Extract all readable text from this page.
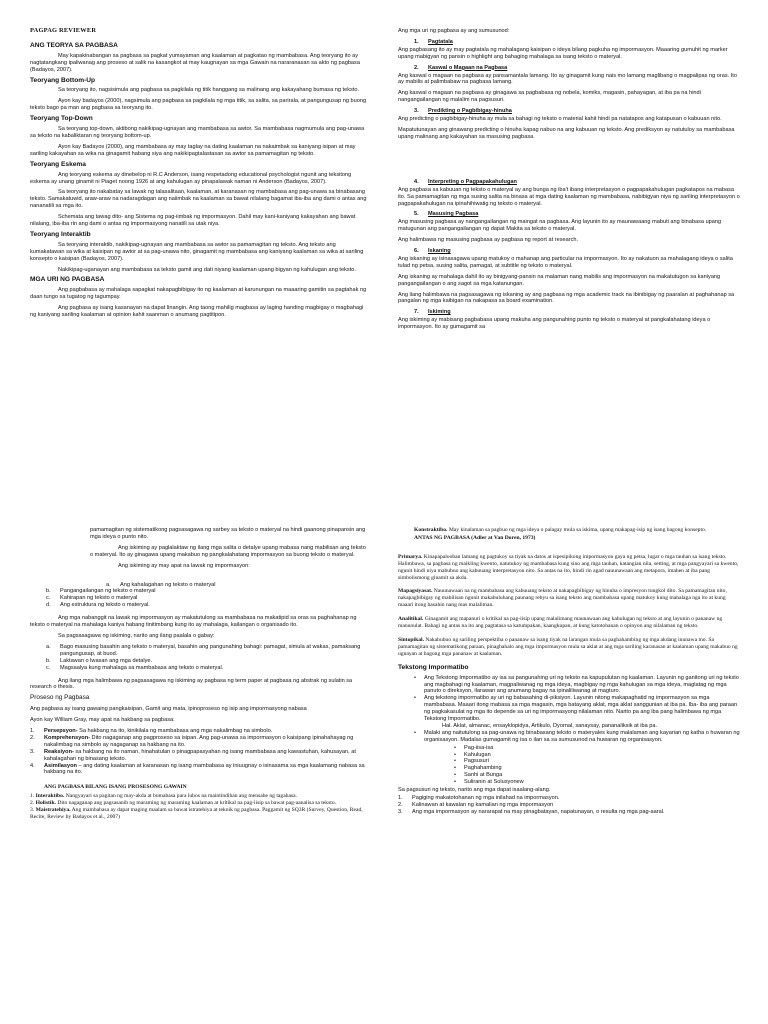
PAGPAG REVIEWER
ANG TEORYA SA PAGBASA

May kapakinabangan sa pagbasa sa pagkat yumayaman ang kaalaman at pagkatao ng mambabasa. Ang teoryang ito ay nagtatangkang ipaliwanag ang proseso at salik na kasangkot at may kaugnayan sa mga Gawain na nararanasan sa akto ng pagbasa (Badayos, 2007).

Teoryang Bottom-Up

Sa teoryang ito, nagsisimula ang pagbasa sa pagkilala ng titik hanggang sa malinang ang kakayahang bumasa ng teksto.

Ayon kay badayos (2000), nagsimula ang pagbasa sa pagkilala ng mga titik, sa salita, sa parirala, at pangungusap ng buong teksto bago pa man ang pagbasa sa teoryang ito.

Teoryang Top-Down

Sa teoryang top-down, aktibong nakikipag-ugnayan ang mambabasa sa awtor. Sa mambabasa nagmumula ang pag-unawa sa teksto na kabaliktaran ng teoryang bottom-up.

Ayon kay Badayos (2000), ang mambabasa ay may taglay na dating kaalaman na nakaimbak sa kaniyang isipan at may sariling kakayahan sa wika na ginagamit habang siya ang nakikipagtalastasan sa awtor sa pamamagitan ng teksto.

Teoryang Eskema

Ang teoryang eskema ay dinebelop ni R.C Anderson, isang respetadong educational psychologist ngunit ang teksitong eskema ay unang ginamit ni Piaget noong 1926 at ang kahulugan ay pinapalawak naman ni Anderson (Badayos, 2007).

Sa teoryang ito nakabatay sa lawak ng talasalitaan, kaalaman, at karanasan ng mambabasa ang pag-unawa sa binabasang teksto. Samakatuwid, araw-araw na nadaragdagan ang naiimbak na kaalaman sa bawat nilalang bagamat iba-iba ang dami o antas ang nananatili sa mga ito.

Schemata ang tawag dito- ang Sistema ng pag-iimbak ng impormasyon. Dahil may kani-kaniyang kakayahan ang bawat nilalang, iba-iba rin ang dami o antas ng impormasyong nanatili sa utak niya.

Teoryang Interaktib

Sa teoryang interaktib, nakikipag-ugnayan ang mambabasa sa awtor sa pamamagitan ng teksto. Ang teksto ang kumakatawan sa wika at kaisipan ng awtor at sa pag-unawa nito, ginagamit ng mambabasa ang kaniyang kaalaman sa wika at sariling konsepto o kaisipan (Badayos, 2007).

Nakikipag-uganayan ang mambabasa sa teksto gamit ang dati niyang kaalaman upang bigyan ng kahulugan ang teksto.

MGA URI NG PAGBASA

Ang pagbabasa ay mahalaga sapagkat nakapagbibigay ito ng kaalaman at karunungan na maaaring gamitin sa pagtahak ng daan tungo sa tugatog ng tagumpay.

Ang pagbasa ay isang kasanayan na dapat linangin. Ang taong mahilig magbasa ay laging handing magbigay o magbahagi ng kaniyang sariling kaalaman at opinion kahit saanman o anumang pagtitipon.

Ang mga uri ng pagbasa ay ang sumusunod:

1.	Pagtatala

Ang pagbasang ito ay may pagtatala ng mahalagang kaisipan o ideya bilang pagkuha ng impormasyon. Maaaring gumuhit ng marker upang mabigyan ng pansin o highlight ang bahaging mahalaga sa isang teksto o materyal.

2.	Kaswal o Magaan na Pagbasa

Ang kaswal o magaan na pagbasa ay pansamantala lamang. Ito ay ginagamit kung nais mo lamang maglibang o magpalipas ng oras. Ito ay mabilis at palimbabaw na pagbasa lamang.

Ang kaswal o magaan na pagbasa ay ginagawa sa pagbabasa ng nobela, komiks, magasin, pahayagan, at iba pa na hindi nangangailangan ng malalim na pagsusuri.

3.	Predikting o Pagbibigay-hinuha

Ang predicting o pagbibigay-hinuha ay mula sa bahagi ng teksto o material kahit hindi pa natatapos ang katapusan o kabuuan nito.

Mapatutunayan ang ginawang predicting o hinuha kapag nabuo na ang kabuuan ng teksto. Ang prediksyon ay natutuloy sa mambabasa upang malinang ang kakayahan sa masusing pagbasa.

4.	Interpreting o Pagpapakahulugan

Ang pagbasa sa kabuuan ng teksto o materyal ay ang bunga ng iba't ibang interpretasyon o pagpapakahulugan pagkatapos na mabasa ito. Sa pamamagitan ng mga susing salita na binasa at mga dating kaalaman ng mambabasa, nabibigyan niya ng sariling interpretasyon o pagpapakahulugan na ipinahihiwatig ng teksto o materyal.

5.	Masusing Pagbasa

Ang masusing pagbasa ay nangangailangan ng maingat na pagbasa. Ang layunin ito ay maunawaang mabuti ang binabasa upang matugunan ang pangangailangan ng dapat Makita sa teksto o materyal.

Ang halimbawa ng masusing pagbasa ay pagbasa ng report at research.

6.	Iskaning

Ang iskaning ay isinasagawa upang matukoy o mahanap ang particular na impormasyon. Ito ay nakatuon sa mahalagang ideya o salita tulad ng petsa, susing salita, pamagat, at subtitle ng teksto o materyal.

Ang iskaning ay mahalaga dahil ito ay binigyang-pansin na malaman nang mabilis ang impormasyon na makatutugon sa kaniyang pangangailangan o ang sagot sa mga katanungan.

Ang ilang halimbawa na pagsasagawa ng iskaning ay ang pagbasa ng mga academic track na ibinibigay ng paaralan at paghahanap sa pangalan ng mga kaibigan na nakapasa sa board examination.

7.	Iskiming

Ang iskiming ay mabisang pagbabasa upang makuha ang pangunahing punto ng teksto o materyal at pangkalahatang ideya o impormasyon. Ito ay gumagamit sa

pamamagitan ng sistematikong pagsasagawa ng sarbey sa teksto o materyal na hindi gaanong pinapansin ang mga ideya o punto nito.

Ang iskiming ay paglalaktaw ng ilang mga salita o detalye upang mabasa nang mabilisan ang teksto o materyal. Ito ay ginagawa upang makabuo ng pangkalahatang impormasyon sa buong teksto o materyal.

Ang iskiming ay may apat na lawak ng impormasyon:

a.	Ang kahalagahan ng teksto o materyal
b.	Pangangailangan ng teksto o materyal
c.	Kahirapan ng teksto o materyal
d.	Ang estruktura ng teksto o materyal.

Ang mga nabanggit na lawak ng impormasyon ay makatutulong sa mambabasa na makatipid sa oras sa paghahanap ng teksto o materyal na mahalaga kaniya habang tinitimbang kung ito ay mahalaga, kailangan o organisado ito.

Sa pagsasagawa ng iskiming, narito ang ilang paalala o gabay:

a.	Bago masusing basahin ang teksto o materyal, basahin ang pangunahing bahagi: pamagat, simula at wakas, pamaksang pangungusap, at buod.
b.	Laktawan o lwasan ang mga detalye.
c.	Magsaalya kung mahalaga sa mambabasa ang teksto o materyal.

Ang ilang mga halimbawa ng pagsasagawa ng iskiming ay pagbasa ng term paper at pagbasa ng abstrak ng sulatin sa research o thesis.

Proseso ng Pagbasa

Ang pagbasa ay isang gawaing pangkaisipan, Gamit ang mata, ipinoproseso ng isip ang impormasyong nabasa

Ayon kay William Gray, may apat na hakbang sa pagbasa:

1.	Persepsyon- Sa hakbang na ito, kinikilala ng mambabasa ang mga nakalimbag na simbolo.
2.	Komprehensyon- Dito nagaganap ang pagproseso sa isipan. Ang pag-unawa sa impormasyon o kaisipang ipinahahayag ng nakalimbag na simbolo ay nagaganap sa hakbang na ito.
3.	Reaksiyon- sa hakbang na ito naman, hinahatulan o pinagpapasyahan ng isang mambabasa ang kawastuhan, kahusayan, at kahalagahan ng binasang teksto.
4.	Asimilasyon – ang dating kaalaman at karanasan ng isang mambabasa ay iniuugnay o isinasama sa mga kaalamang nabasa sa hakbang na ito.
ANG PAGBASA BILANG ISANG PROSESONG GAWAIN
1. Interaktibo. Nangyayari sa pagitan ng may-akda at bumabasa para lubos na maintindihan ang mensahe ng tagabasa.
2. Holistik. Dito nagaganap ang pagsasanib ng maraming ng maraming kaalaman at kritikal na pag-iisip sa bawat pag-aanalisa sa teksto.
3. Maistratehiya. Ang mambabasa ay dapat maging maalam sa bawat istratehiya at teknik ng pagbasa. Paggamit ng SQ3R (Survey, Question, Read, Recite, Review by Badayos et al., 2007)

Konstraktibo. May kinalaman sa pagbuo ng mga ideya o palagay mula sa iskima, upang makapag-isip ng isang bagong konsepto.

ANTAS NG PAGBASA (Adler at Van Doren, 1973)

Primarya. Kinapapalooban lamang ng pagtukoy sa tiyak na datos at ispesipikong impormasyon gaya ng petsa, lugar o mga tauhan sa isang teksto. Halimbawa, sa pagbasa ng maikling kwento, natutukoy ng mambabasa kung sino ang mga tauhan, katangian nila, setting, at mga pangyayari sa kwento, ngunit hindi niya mabubuo ang kabuuang interpretasyon nito. Sa antas na ito, hindi rin agad nauunawaan ang metapora, imahen at iba pang simbolismong ginamit sa akda.

Mapagsiyasat. Nauunawaan na ng mambabasa ang kabuuang teksto at nakapagbibigay ng hinuha o impresyon tungkol dito. Sa pamamagitan nito, nakapagbibigay ng mabilisan ngunit makabuluhang paunang rebyu sa isang teksto ang mambabasa upang matukoy kung mahalaga nga ito at kung maaari itong basahin nang mas malaliman.

Analitikal. Ginagamit ang mapanuri o kritikal na pag-iisip upang malalimang maunawaan ang kahulugan ng teksto at ang layunin o pananaw ng manunulat. Bahagi ng antas na ito ang pagtatasa sa katumpakan, kaangkupan, at kung katotohanan o opinyon ang nilalaman ng teksto.

Sintopikal. Nakabubuo ng sariling perspektiba o pananaw sa isang tiyak na larangan mula sa paghahambing ng mga akdang inunawa mo. Sa pamamagitan ng sistematikong paraan, pinaghahalo ang mga impormasyon mula sa aklat at ang mga sariling karanasan at kaalaman upang makabuo ng ugnayan at bagong mga pananaw at kaalaman.

Tekstong Impormatibo
•	Ang Tekstong Impormatibo ay isa sa pangunahing uri ng teksto na kapupulutan ng kaalaman. Layunin ng ganitong uri ng teksto ang magbahagi ng kaalaman, magpaliwanag ng mga ideya, magbigay ng mga kahulugan sa mga ideya, maglatag ng mga panuto o direksyon, ilarawan ang anumang bagay na ipinaliliwanag at magturo.
•	Ang tekstong impormatibo ay uri ng babasahing di-piksiyon. Layunin nitong makapaghatid ng impormasyon sa mga mambabasa. Maaari itong mabasa sa mga magasin, mga batayang aklat, mga aklat sanggunian at iba pa. Iba- iba ang paraan ng pagkakasulat ng mga ito depende sa uri ng impormasyong nilalaman nito. Narito pa ang iba pang halimbawa ng mga Tekstong Impormatibo.
Hal. Aklat, almanac, ensayklopidya, Artikulo, Dyornal, sanaysay, pananaliksik at iba pa.
•	Malaki ang naitutulong sa pag-unawa ng binabasang teksto o materyales kung malalaman ang kayarian ng katha o huwaran ng organisasyon. Madalas gumagamit ng isa o ilan sa sa sumusunod na huwaran ng organisasyon.
•	Pag-iisa-isa
•	Kahulugan
•	Pagsusuri
•	Paghahambing
•	Sanhi at Bunga
•	Suliranin at Solusyonew

Sa pagsusuri ng teksto, narito ang mga dapat isaalang-alang.

1.	Pagiging makatotohanan ng mga inilahad na impormasyon.
2.	Kalinawan at kawalan ng kamalian ng mga impormasyon
3.	Ang mga impormasyon ay nararapat na may pinagbatayan, napatunayan, o resulta ng mga pag-aaral.
